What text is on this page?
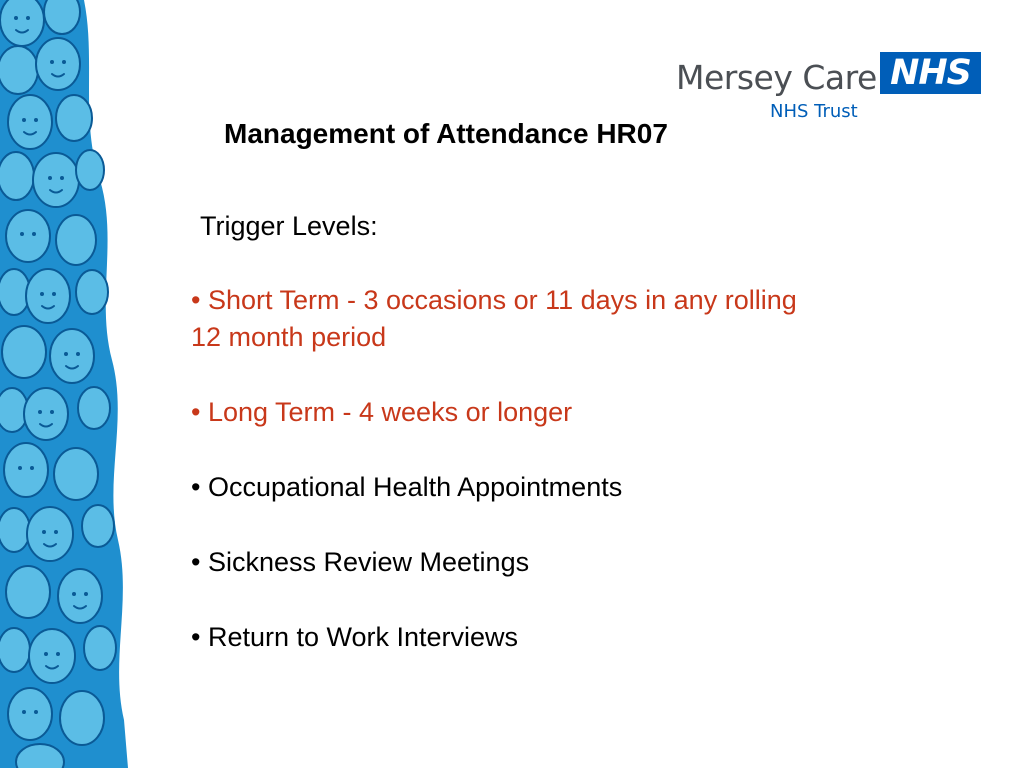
Mersey Care NHS
NHS Trust
Management of Attendance HR07

Trigger Levels:

• Short Term - 3 occasions or 11 days in any rolling 12 month period

• Long Term - 4 weeks or longer

• Occupational Health Appointments

• Sickness Review Meetings

• Return to Work Interviews
